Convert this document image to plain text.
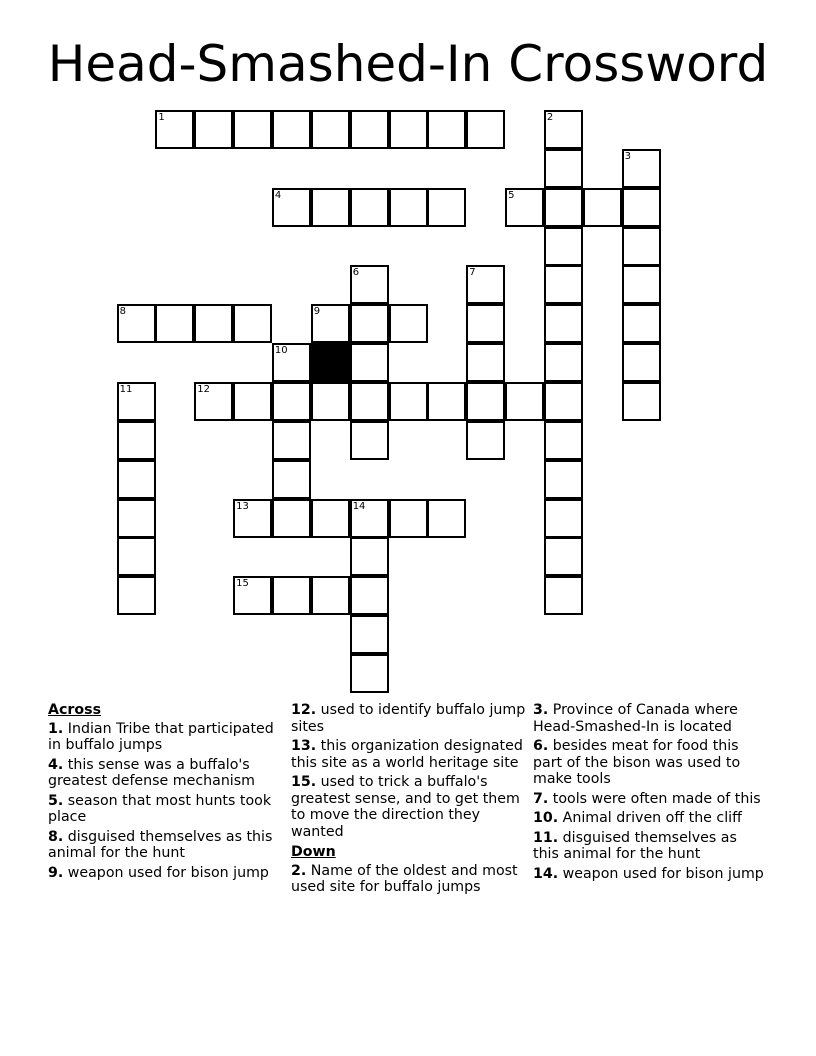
Head-Smashed-In Crossword
1	2
3
4	5
6	7
8	9
10
11	12
13	14
15
Across
1. Indian Tribe that participated in buffalo jumps
4. this sense was a buffalo's greatest defense mechanism
5. season that most hunts took place
8. disguised themselves as this animal for the hunt
9. weapon used for bison jump
12. used to identify buffalo jump sites
13. this organization designated this site as a world heritage site
15. used to trick a buffalo's greatest sense, and to get them to move the direction they wanted
Down
2. Name of the oldest and most used site for buffalo jumps
3. Province of Canada where Head-Smashed-In is located
6. besides meat for food this part of the bison was used to make tools
7. tools were often made of this
10. Animal driven off the cliff
11. disguised themselves as this animal for the hunt
14. weapon used for bison jump
